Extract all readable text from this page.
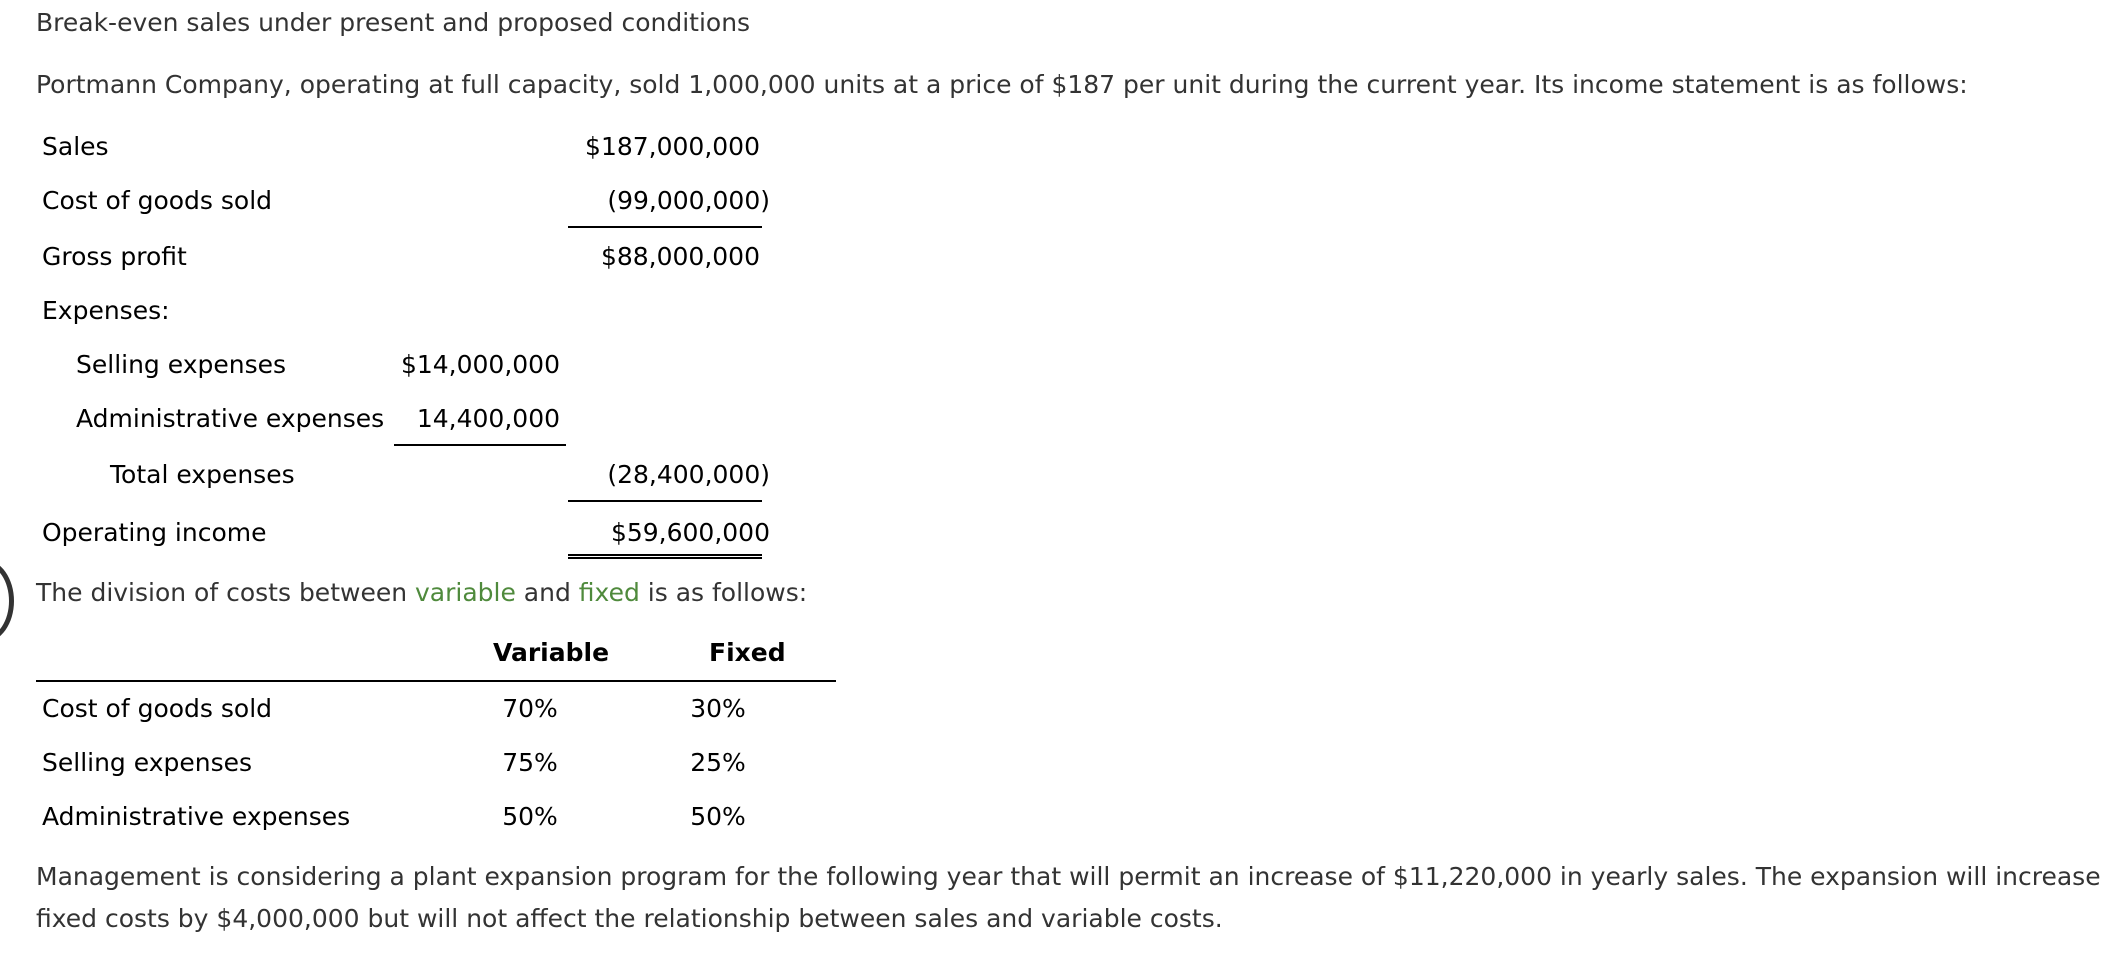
Break-even sales under present and proposed conditions
Portmann Company, operating at full capacity, sold 1,000,000 units at a price of $187 per unit during the current year. Its income statement is as follows:
Sales	$187,000,000
Cost of goods sold	(99,000,000)
Gross profit	$88,000,000
Expenses:
Selling expenses	$14,000,000
Administrative expenses	14,400,000
Total expenses	(28,400,000)
Operating income	$59,600,000
The division of costs between variable and fixed is as follows:
Variable	Fixed
Cost of goods sold	70%	30%
Selling expenses	75%	25%
Administrative expenses	50%	50%
Management is considering a plant expansion program for the following year that will permit an increase of $11,220,000 in yearly sales. The expansion will increase fixed costs by $4,000,000 but will not affect the relationship between sales and variable costs.
